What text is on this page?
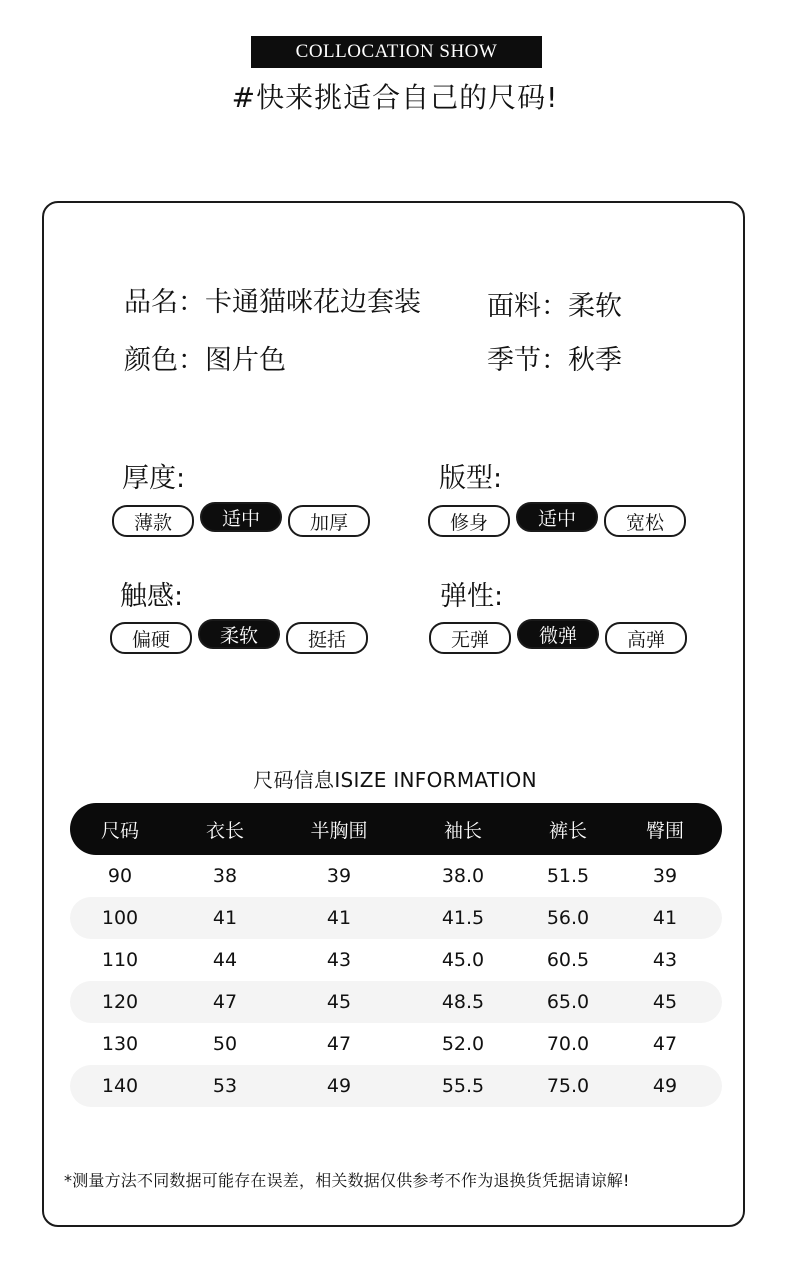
COLLOCATION SHOW
#快来挑适合自己的尺码!
品名：卡通猫咪花边套装 面料：柔软
颜色：图片色	季节：秋季
厚度:
薄款	适中	加厚
版型:
修身	适中	宽松
触感:
偏硬	柔软	挺括
弹性:
无弹	微弹	高弹
尺码信息ISIZE INFORMATION
尺码	衣长	半胸围	袖长	裤长	臀围
90	38	39	38.0	51.5	39
100	41	41	41.5	56.0	41
110	44	43	45.0	60.5	43
120	47	45	48.5	65.0	45
130	50	47	52.0	70.0	47
140	53	49	55.5	75.0	49
*测量方法不同数据可能存在误差，相关数据仅供参考不作为退换货凭据请谅解!
